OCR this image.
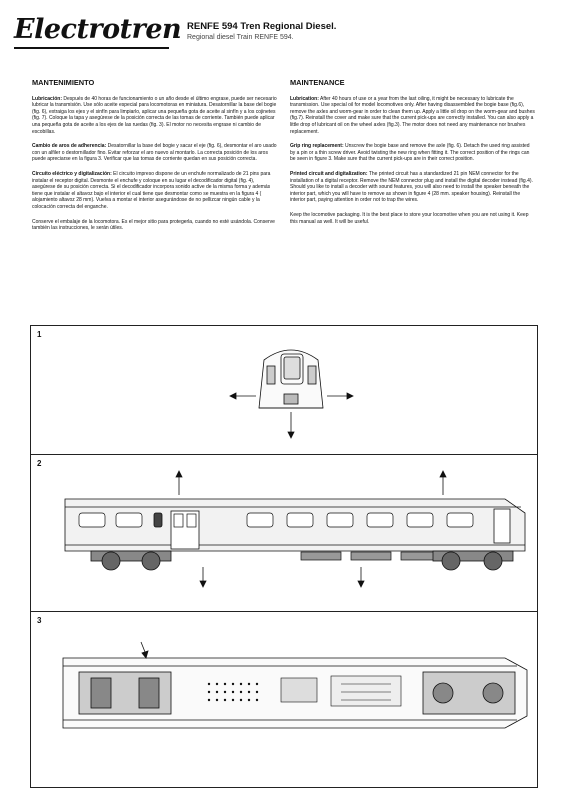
Electrotren RENFE 594 Tren Regional Diesel.
Regional diesel Train RENFE 594.
MANTENIMIENTO

Lubricación: Después de 40 horas de funcionamiento o un año desde el último engrase, puede ser necesario lubricar la transmisión. Use sólo aceite especial para locomotoras en miniatura. Desatornillar la base del bogie (fig. 6), extraiga los ejes y el sinfín para limpiarlo, aplicar una pequeña gota de aceite al sinfín y a los cojinetes (fig. 7). Coloque la tapa y asegúrese de la posición correcta de las tomas de corriente. También puede aplicar una pequeña gota de aceite a los ejes de las ruedas (fig. 3). El motor no necesita engrase ni cambio de escobillas.

Cambio de aros de adherencia: Desatornillar la base del bogie y sacar el eje (fig. 6), desmontar el aro usado con un alfiler o destornillador fino. Evitar reforzar el aro nuevo al montarlo. La correcta posición de los aros puede apreciarse en la figura 3. Verificar que las tomas de corriente quedan en sus posición correcta.

Circuito eléctrico y digitalización: El circuito impreso dispone de un enchufe normalizado de 21 pins para instalar el receptor digital. Desmonte el enchufe y coloque en su lugar el decodificador digital (fig. 4), asegúrese de su posición correcta. Si el decodificador incorpora sonido active de la misma forma y además tiene que instalar el altavoz bajo el interior el cual tiene que desmontar como se muestra en la figura 4 ( alojamiento altavoz 28 mm). Vuelva a montar el interior asegurándose de no pellizcar ningún cable y la colocación correcta del enganche.

Conserve el embalaje de la locomotora. Es el mejor sitio para protegerla, cuando no esté usándola. Conserve también las instrucciones, le serán útiles.

MAINTENANCE

Lubrication: After 40 hours of use or a year from the last oiling, it might be necessary to lubricate the transmission. Use special oil for model locomotives only. After having disassembled the bogie base (fig.6), remove the axles and worm-gear in order to clean them up. Apply a little oil drop on the worm-gear and bushes (fig.7). Reinstall the cover and make sure that the current pick-ups are correctly installed. You can also apply a little drop of lubricant oil on the wheel axles (fig.3). The motor does not need any maintenance nor brushes replacement.

Grip ring replacement: Unscrew the bogie base and remove the axle (fig. 6). Detach the used ring assisted by a pin or a thin screw driver. Avoid twisting the new ring when fitting it. The correct position of the rings can be seen in figure 3. Make sure that the current pick-ups are in their correct position.

Printed circuit and digitalization: The printed circuit has a standardized 21 pin NEM connector for the installation of a digital receptor. Remove the NEM connector plug and install the digital decoder instead (fig.4). Should you like to install a decoder with sound features, you will also need to install the speaker beneath the interior part, which you will have to remove as shown in figure 4 (28 mm. speaker housing). Reinstall the interior part, paying attention in order not to trap the wires.

Keep the locomotive packaging. It is the best place to store your locomotive when you are not using it. Keep this manual as well. It will be useful.

1
2
3
